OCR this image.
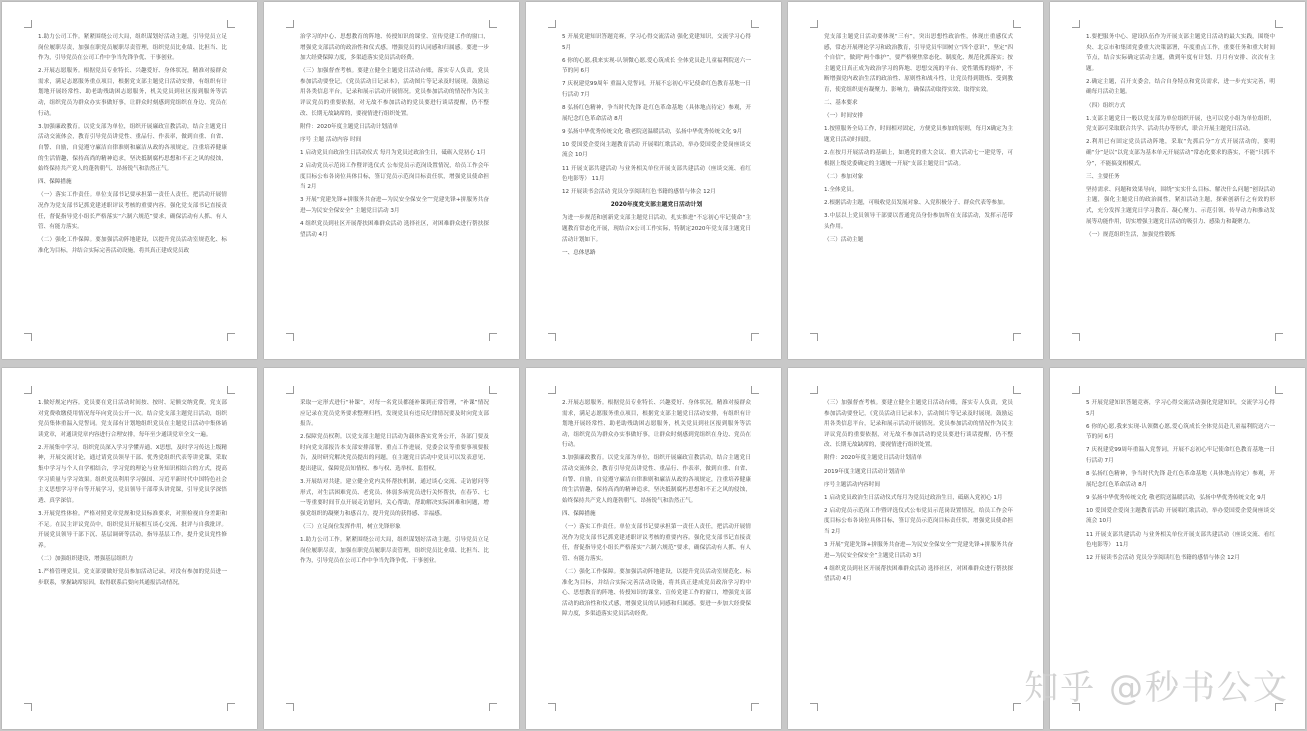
1.助力公司工作。紧紧围绕公司大局，组织谋划好活动主题，引导党员立足岗位履职尽责，加强在职党员履职尽责管理，组织党员比业绩、比担当、比作为，引导党员在公司工作中争当先锋争优、干事创业。

2.开展志愿服务。根据党员专业特长、兴趣爱好、身体状况，精准对接群众需求，满足志愿服务重点项目，根据党支部主题党日活动安排，有组织有计划地开展经常性、助老助残助困志愿服务，机关党员到社区报到服务等活动，组织党员为群众办实事做好事，让群众时刻感到党组织在身边、党员在行动。

3.加强廉政教育。以党支部为单位，组织开展廉政宣教活动，结合主题党日活动交流体会，教育引导党员讲党性、重品行、作表率，做到自重、自省、自警、自励，自觉遵守廉洁自律准则和廉洁从政的各项规定，注重培养健康的生活情趣，保持高尚的精神追求，坚决抵制腐朽思想和不正之风的侵蚀，始终保持共产党人的蓬勃朝气、昂扬锐气和浩然正气。

四、保障措施

（一）落实工作责任。单位支部书记要承担第一责任人责任，把活动开展情况作为党支部书记抓党建述职评议考核的重要内容。强化党支部书记直接责任，督促指导党小组长严格落实“六制六规范”要求，确保活动有人抓、有人管、有能力落实。

（二）强化工作保障。要加强活动阵地建设，以提升党员活动室规范化、标准化为目标，并结合实际完善活动设施，将其真正建成党员政

治学习的中心、思想教育的阵地、传授知识的课堂、宣传党建工作的窗口，增强党支部活动的政治性和仪式感，增强党员的认同感和归属感。要进一步加大经费保障力度，多渠道落实党员活动经费。

（三）加强督查考核。要建立健全主题党日活动台账，落实专人负责，党员参加活动要登记，《党员活动日记录本》，活动图片等记录及时展现。鼓励运用各类信息平台，记录和展示活动开展情况。党员参加活动的情况作为民主评议党员的重要依据，对无故不参加活动的党员要进行谈话提醒，仍不整改、长期无故缺席的，要视情进行组织处置。

附件：2020年度主题党日活动计划清单

序号 主题 活动内容 时间

1 启动党员自政治生日活动仪式 每月为党员过政治生日，砥砺入党初心 1月

2 启动党员示范岗工作暨评选仪式 公布党员示范岗设置情况，给员工作会年度目标公布各岗位具体目标，签订党员示范岗目标责任状，增强党员使命担当 2月

3 开展“党建先锋+拼服务共奋进—为民安全保安全”“党建先锋+拼服务共奋进—为民安全保安全” 主题党日活动 3月

4 组织党员到社区开展帮扶困难群众活动 选择社区，对困难群众进行帮扶探望活动 4月

5 开展党建知识答题竞赛，学习心得交流活动 强化党建知识，交流学习心得 5月

6 你的心愿,我来实现-认领微心愿,爱心筑成长 全体党员赴儿童福利院送六一节的问 6月

7 庆祝建党99周年 重温入党誓词，开展不忘初心牢记使命红色教育基地一日行活动 7月

8 弘扬红色精神，争当时代先锋 赴红色革命基地（具体地点待定）参观，开展纪念红色革命活动 8月

9 弘扬中华优秀传统文化 敬老院送温暖活动，弘扬中华优秀传统文化 9月

10 爱国爱企爱岗主题教育活动 开展唱红歌活动，举办爱国爱企爱岗座谈交流会 10月

11 开展支部共建活动 与业务相关单位开展支部共建活动（座谈交流、看红色电影等） 11月

12 开展读书会活动 党员分享阅读红色书籍的感悟与体会 12月

2020年度党支部主题党日活动计划

为进一步规范和创新党支部主题党日活动，扎实推进“不忘初心牢记使命”主题教育常态化开展，现结合X公司工作实际，特制定2020年党支部主题党日活动计划如下。

一、总体思路

党支部主题党日活动要体现“三有”，突出思想性政治性，体现庄重感仪式感，常态开展理论学习和政治教育，引导党员牢固树立“四个意识”，坚定“四个自信”，做到“两个维护”，要严格聚焦常态化、制度化、规范化抓落实；按主题党日真正成为政治学习的阵地、思想交流的平台、党性锻炼的熔炉，不断增强党内政治生活的政治性、原则性和战斗性，让党员得到锻炼、受到教育，使党组织更有凝聚力、影响力，确保活动取得实效、取得实效。

二、基本要求

（一）时间安排

1.按照服务全局工作，时间相对固定，方便党员参加的原则，每月X确定为主题党日活动时间段。

2.在按月开展活动的基础上，如遇党的重大会议、重大活动七一建党等，可根据上级党委确定的主题统一开展“支部主题党日”活动。

（二）参加对象

1.全体党员。

2.根据活动主题，可吸收党员发展对象、入党积极分子、群众代表等参加。

3.中层以上党员领导干部要以普通党员身份参加所在支部活动，发挥示范带头作用。

（三）活动主题

1.要把服务中心、建设队伍作为开展支部主题党日活动的最大实践，围绕中央、北京市和集团党委重大决策部署，年度重点工作，重要任务和重大时间节点，结合实际确定活动主题，做到年度有计划、月月有安排、次次有主题。

2.确定主题，召开支委会，结合自身特点和党员需求，进一步充实完善，明确每月活动主题。

（四）组织方式

1.支部主题党日一般以党支部为单位组织开展，也可以党小组为单位组织，党支部可采取联合共学、活动共办等形式，联合开展主题党日活动。

2.利用已有固定党员活动阵地，采取“先抓后分”方式开展活动的，要明确“分”是以“以党支部为基本单元开展活动”常态化要求的落实，不能“只抓不分”，不能搞变相模式。

三、主要任务

坚持需求、问题和效果导向，围绕“实实什么目标、解决什么问题”创设活动主题，强化主题党日的政治属性，紧扣活动主题，探索创新行之有效的形式，充分发挥主题党日学习教育、凝心聚力、示范引领、传导动力和推动发展等功能作用，切实增强主题党日活动的吸引力、感染力和凝聚力。

（一）规范组织生活，加强党性锻炼

1.做好规定内容。党员要在党日活动时间按、按时、足额交纳党费，党支部对党费收缴使用情况每年向党员公开一次。结合党支部主题党日活动，组织党员集体重温入党誓词。党支部有计划地组织党员在主题党日活动中集体诵读党章，对通读党章内容进行合理安排，每年至少通读党章全文一遍。

2.开展集中学习。组织党员深入学习学懂弄通、X思想，及时学习传达上级精神，开展交流讨论，通过请党员领导干部、优秀党组织代表等讲党课，采取集中学习与个人自学相结合，学习党的理论与业务知识相结合的方式，提高学习质量与学习效果。组织党员利用学习强国、习近平新时代中国特色社会主义思想学习平台等开展学习，党员领导干部带头讲党课，引导党员学深悟透、真学深信。

3.开展党性体检。严格对照党章党规和党员标准要求，对照检视自身差距和不足。在民主评议党员中，组织党员开展相互谈心交流、批评与自我批评。开展党员领导干部下沉、基层调研等活动，指导基层工作，提升党员党性修养。

（二）加强组织建设，增强基层组织力

1.严格管理党员。党支部要做好党员参加活动记录，对没有参加的党员进一步联系，掌握缺席原因，取得联系后要向其通报活动情况，

采取一定形式进行“补课”，对每一名党员都能补课到正常管理，“补课”情况应记录在党员党务要求整理归档，发现党员有违反纪律情况要及时向党支部报告。

2.保障党员权利。以党支部主题党日活动为载体落实党务公开，各部门要及时向党支部报告本支部安排部署、重点工作进展，党委会议等重要事项要报告，及时研究解决党员提出的问题，在主题党日活动中党员可以发表意见、提出建议，保障党员知情权、参与权、选举权、监督权。

3.开展结对共建。建立健全党内关怀帮扶机制，通过谈心交流、走访慰问等形式，对生活困难党员、老党员、体弱多病党员进行关怀帮扶，在春节、七一等重要时间节点开展走访慰问，关心帮助，帮助解决实际困难和问题，增强党组织的凝聚力和感召力，提升党员的获得感、幸福感。

（三）立足岗位发挥作用，树立先锋形象

1.助力公司工作。紧紧围绕公司大局，组织谋划好活动主题，引导党员立足岗位履职尽责，加强在职党员履职尽责管理，组织党员比业绩、比担当、比作为，引导党员在公司工作中争当先锋争优、干事创业。

2.开展志愿服务。根据党员专业特长、兴趣爱好、身体状况，精准对接群众需求，满足志愿服务重点项目，根据党支部主题党日活动安排，有组织有计划地开展经常性、助老助残助困志愿服务，机关党员到社区报到服务等活动，组织党员为群众办实事做好事，让群众时刻感到党组织在身边、党员在行动。

3.加强廉政教育。以党支部为单位，组织开展廉政宣教活动，结合主题党日活动交流体会，教育引导党员讲党性、重品行、作表率，做到自重、自省、自警、自励，自觉遵守廉洁自律准则和廉洁从政的各项规定，注重培养健康的生活情趣，保持高尚的精神追求，坚决抵制腐朽思想和不正之风的侵蚀，始终保持共产党人的蓬勃朝气、昂扬锐气和浩然正气。

四、保障措施

（一）落实工作责任。单位支部书记要承担第一责任人责任，把活动开展情况作为党支部书记抓党建述职评议考核的重要内容。强化党支部书记直接责任，督促指导党小组长严格落实“六制六规范”要求，确保活动有人抓、有人管、有能力落实。

（二）强化工作保障。要加强活动阵地建设，以提升党员活动室规范化、标准化为目标，并结合实际完善活动设施，将其真正建成党员政治学习的中心、思想教育的阵地、传授知识的课堂、宣传党建工作的窗口，增强党支部活动的政治性和仪式感，增强党员的认同感和归属感。要进一步加大经费保障力度，多渠道落实党员活动经费。

（三）加强督查考核。要建立健全主题党日活动台账，落实专人负责，党员参加活动要登记，《党员活动日记录本》，活动图片等记录及时展现。鼓励运用各类信息平台，记录和展示活动开展情况。党员参加活动的情况作为民主评议党员的重要依据，对无故不参加活动的党员要进行谈话提醒，仍不整改、长期无故缺席的，要视情进行组织处置。

附件：2020年度主题党日活动计划清单

2019年度主题党日活动计划清单

序号主题活动内容时间

1 启动党员政治生日活动仪式每月为党员过政治生日，砥砺入党初心 1月

2 启动党员示范岗工作暨评选仪式公布党员示范岗设置情况，给员工作会年度目标公布各岗位具体目标，签订党员示范岗目标责任状，增强党员使命担当 2月

3 开展“党建先锋+拼服务共奋进—为民安全保安全”“党建先锋+拼服务共奋进—为民安全保安全”主题党日活动 3月

4 组织党员到社区开展帮扶困难群众活动 选择社区，对困难群众进行帮扶探望活动 4月

5 开展党建知识答题竞赛，学习心得交流活动强化党建知识，交流学习心得 5月

6 你的心愿,我来实现-认领微心愿,爱心筑成长全体党员赴儿童福利院送六一节的问 6月

7 庆祝建党99周年重温入党誓词，开展不忘初心牢记使命红色教育基地一日行活动 7月

8 弘扬红色精神，争当时代先锋 赴红色革命基地（具体地点待定）参观，开展纪念红色革命活动 8月

9 弘扬中华优秀传统文化 敬老院送温暖活动，弘扬中华优秀传统文化 9月

10 爱国爱企爱岗主题教育活动 开展唱红歌活动，举办爱国爱企爱岗座谈交流会 10月

11 开展支部共建活动 与业务相关单位开展支部共建活动（座谈交流、看红色电影等） 11月

12 开展读书会活动 党员分享阅读红色书籍的感悟与体会 12月

知乎 @秒书公文
